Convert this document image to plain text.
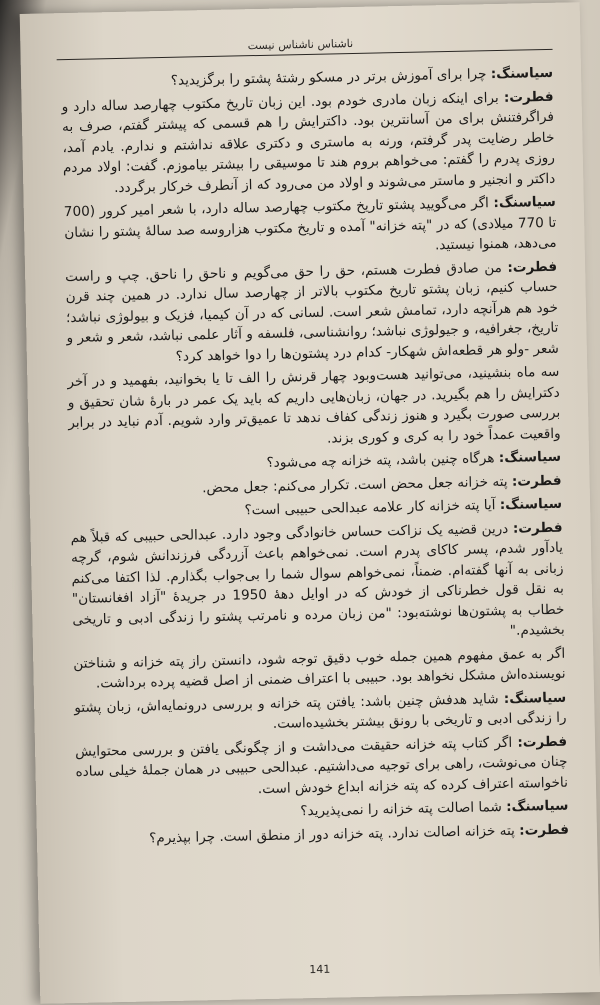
ناشناس ناشناس نیست

سیاسنگ: چرا برای آموزش برتر در مسکو رشتهٔ پشتو را برگزیدید؟

فطرت: برای اینکه زبان مادری خودم بود. این زبان تاریخ مکتوب چهارصد ساله دارد و فراگرفتنش برای من آسانترین بود. داکترایش را هم قسمی که پیشتر گفتم، صرف به خاطر رضایت پدر گرفتم، ورنه به ماستری و دکتری علاقه نداشتم و ندارم. یادم آمد، روزی پدرم را گفتم: می‌خواهم بروم هند تا موسیقی را بیشتر بیاموزم. گفت: اولاد مردم داکتر و انجنیر و ماستر می‌شوند و اولاد من می‌رود که از آنطرف خرکار برگردد.

سیاسنگ: اگر می‌گویید پشتو تاریخ مکتوب چهارصد ساله دارد، با شعر امیر کرور (700 تا 770 میلادی) که در "پته خزانه" آمده و تاریخ مکتوب هزاروسه صد سالهٔ پشتو را نشان می‌دهد، همنوا نیستید.

فطرت: من صادق فطرت هستم، حق را حق می‌گویم و ناحق را ناحق. چپ و راست حساب کنیم، زبان پشتو تاریخ مکتوب بالاتر از چهارصد سال ندارد. در همین چند قرن خود هم هرآنچه دارد، تمامش شعر است. لسانی که در آن کیمیا، فزیک و بیولوژی نباشد؛ تاریخ، جغرافیه، و جیولوژی نباشد؛ روانشناسی، فلسفه و آثار علمی نباشد، شعر و شعر و شعر -ولو هر قطعه‌اش شهکار- کدام درد پشتون‌ها را دوا خواهد کرد؟

سه ماه بنشینید، می‌توانید هست‌وبود چهار قرنش را الف تا یا بخوانید، بفهمید و در آخر دکترایش را هم بگیرید. در جهان، زبان‌هایی داریم که باید یک عمر در بارهٔ شان تحقیق و بررسی صورت بگیرد و هنوز زندگی کفاف ندهد تا عمیق‌تر وارد شویم. آدم نباید در برابر واقعیت عمداً خود را به کری و کوری بزند.

سیاسنگ: هرگاه چنین باشد، پته خزانه چه می‌شود؟

فطرت: پته خزانه جعل محض است. تکرار می‌کنم: جعل محض.

سیاسنگ: آیا پته خزانه کار علامه عبدالحی حبیبی است؟

فطرت: درین قضیه یک نزاکت حساس خانوادگی وجود دارد. عبدالحی حبیبی که قبلاً هم یادآور شدم، پسر کاکای پدرم است. نمی‌خواهم باعث آزردگی فرزندانش شوم، گرچه زبانی به آنها گفته‌ام. ضمناً، نمی‌خواهم سوال شما را بی‌جواب بگذارم. لذا اکتفا می‌کنم به نقل قول خطرناکی از خودش که در اوایل دههٔ 1950 در جریدهٔ "آزاد افغانستان" خطاب به پشتون‌ها نوشته‌بود: "من زبان مرده و نامرتب پشتو را زندگی ادبی و تاریخی بخشیدم."

اگر به عمق مفهوم همین جمله خوب دقیق توجه شود، دانستن راز پته خزانه و شناختن نویسنده‌اش مشکل نخواهد بود. حبیبی با اعتراف ضمنی از اصل قضیه پرده برداشت.

سیاسنگ: شاید هدفش چنین باشد: یافتن پته خزانه و بررسی درونمایه‌اش، زبان پشتو را زندگی ادبی و تاریخی با رونق بیشتر بخشیده‌است.

فطرت: اگر کتاب پته خزانه حقیقت می‌داشت و از چگونگی یافتن و بررسی محتوایش چنان می‌نوشت، راهی برای توجیه می‌داشتیم. عبدالحی حبیبی در همان جملهٔ خیلی ساده ناخواسته اعتراف کرده که پته خزانه ابداع خودش است.

سیاسنگ: شما اصالت پته خزانه را نمی‌پذیرید؟

فطرت: پته خزانه اصالت ندارد. پته خزانه دور از منطق است. چرا بپذیرم؟

141
